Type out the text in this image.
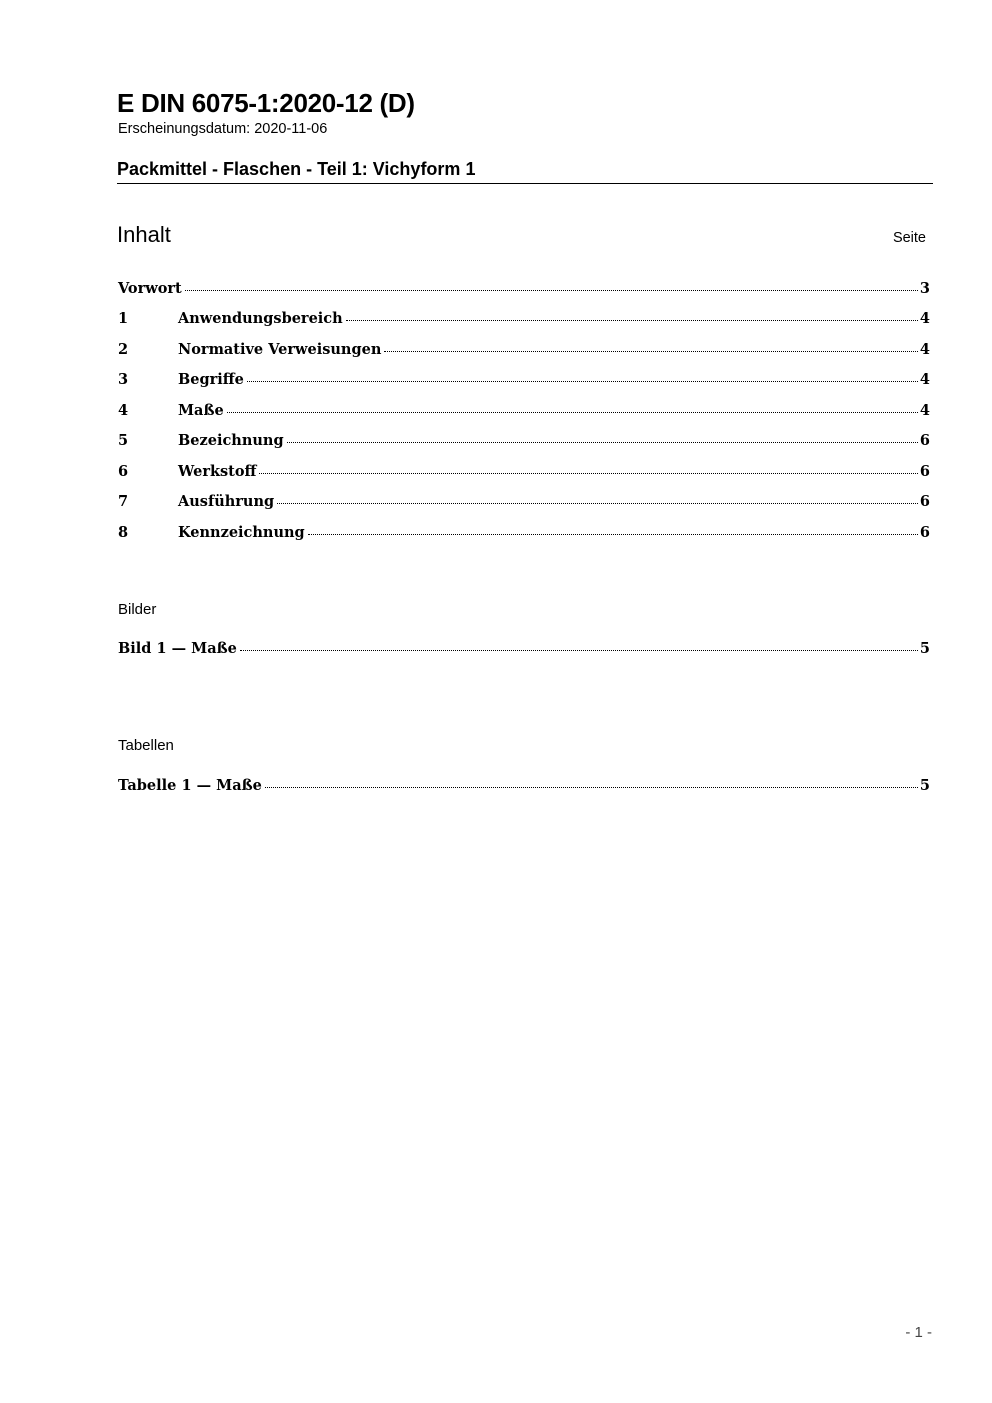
E DIN 6075-1:2020-12 (D)
Erscheinungsdatum: 2020-11-06
Packmittel - Flaschen - Teil 1: Vichyform 1
Inhalt	Seite
Vorwort	3
1	Anwendungsbereich	4
2	Normative Verweisungen	4
3	Begriffe	4
4	Maße	4
5	Bezeichnung	6
6	Werkstoff	6
7	Ausführung	6
8	Kennzeichnung	6
Bild 1 — Maße	5
Tabelle 1 — Maße	5
Bilder
Tabellen
- 1 -
